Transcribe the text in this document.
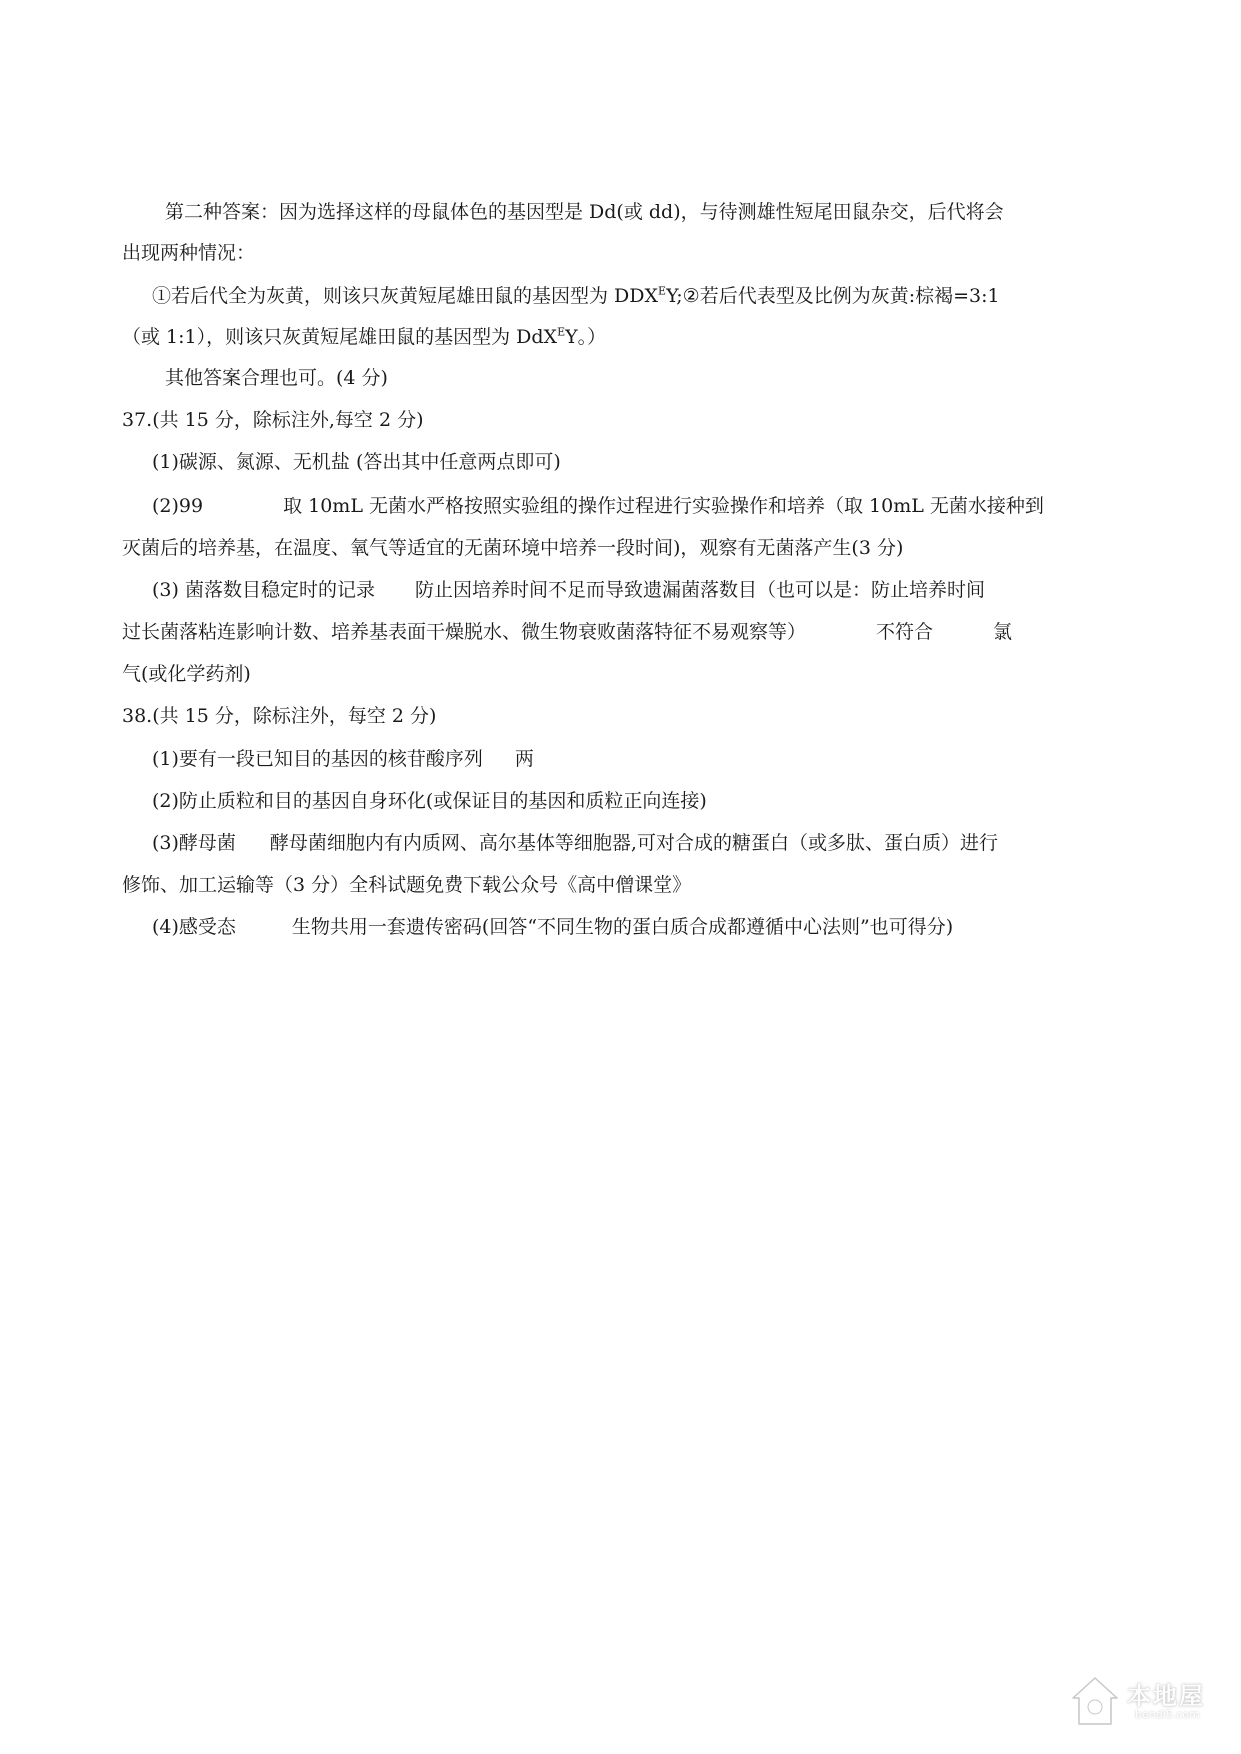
第二种答案：因为选择这样的母鼠体色的基因型是 Dd(或 dd)，与待测雄性短尾田鼠杂交，后代将会
出现两种情况：
①若后代全为灰黄，则该只灰黄短尾雄田鼠的基因型为 $DDX^EY;②$若后代表型及比例为灰黄:棕褐=3:1
（或 1:1），则该只灰黄短尾雄田鼠的基因型为 DdX$^E$Y。）
其他答案合理也可。(4 分)
37.(共 15 分，除标注外,每空 2 分)
(1)碳源、氮源、无机盐 (答出其中任意两点即可)
(2)99	取 10mL 无菌水严格按照实验组的操作过程进行实验操作和培养（取 10mL 无菌水接种到
灭菌后的培养基，在温度、氧气等适宜的无菌环境中培养一段时间)，观察有无菌落产生(3 分)
(3) 菌落数目稳定时的记录 防止因培养时间不足而导致遗漏菌落数目（也可以是：防止培养时间
过长菌落粘连影响计数、培养基表面干燥脱水、微生物衰败菌落特征不易观察等）	不符合	氯
气(或化学药剂)
38.(共 15 分，除标注外，每空 2 分)
(1)要有一段已知目的基因的核苷酸序列 两
(2)防止质粒和目的基因自身环化(或保证目的基因和质粒正向连接)
(3)酵母菌 酵母菌细胞内有内质网、高尔基体等细胞器,可对合成的糖蛋白（或多肽、蛋白质）进行
修饰、加工运输等（3 分）全科试题免费下载公众号《高中僧课堂》
(4)感受态	生物共用一套遗传密码(回答“不同生物的蛋白质合成都遵循中心法则”也可得分)
本地屋
bendi5.com
